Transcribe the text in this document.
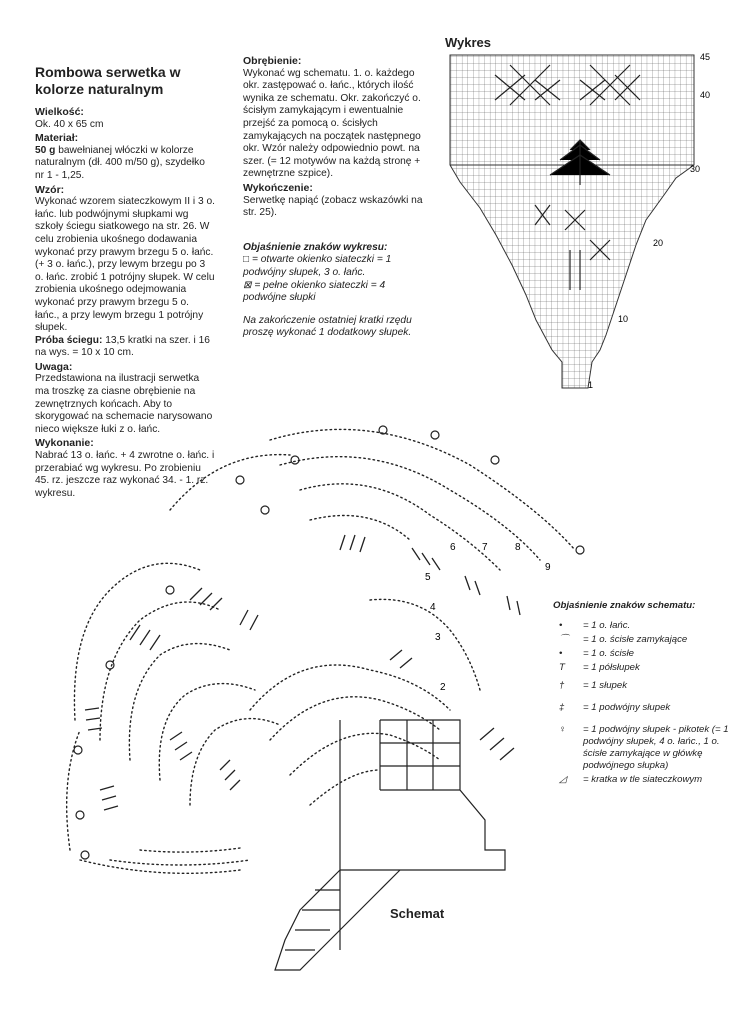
Rombowa serwetka w kolorze naturalnym
Wielkość:

Ok. 40 x 65 cm

Materiał:

50 g bawełnianej włóczki w kolorze naturalnym (dł. 400 m/50 g), szydełko nr 1 - 1,25.

Wzór:

Wykonać wzorem siateczkowym II i 3 o. łańc. lub podwójnymi słupkami wg szkoły ściegu siatkowego na str. 26. W celu zrobienia ukośnego dodawania wykonać przy prawym brzegu 5 o. łańc. (+ 3 o. łańc.), przy lewym brzegu po 3 o. łańc. zrobić 1 potrójny słupek. W celu zrobienia ukośnego odejmowania wykonać przy prawym brzegu 5 o. łańc., a przy lewym brzegu 1 potrójny słupek.

Próba ściegu: 13,5 kratki na szer. i 16 na wys. = 10 x 10 cm.

Uwaga:

Przedstawiona na ilustracji serwetka ma troszkę za ciasne obrębienie na zewnętrznych końcach. Aby to skorygować na schemacie narysowano nieco większe łuki z o. łańc.

Wykonanie:

Nabrać 13 o. łańc. + 4 zwrotne o. łańc. i przerabiać wg wykresu. Po zrobieniu 45. rz. jeszcze raz wykonać 34. - 1. rz. wykresu.

Obrębienie:

Wykonać wg schematu. 1. o. każdego okr. zastępować o. łańc., których ilość wynika ze schematu. Okr. zakończyć o. ścisłym zamykającym i ewentualnie przejść za pomocą o. ścisłych zamykających na początek następnego okr. Wzór należy odpowiednio powt. na szer. (= 12 motywów na każdą stronę + zewnętrzne szpice).

Wykończenie:

Serwetkę napiąć (zobacz wskazówki na str. 25).

Objaśnienie znaków wykresu:

□ = otwarte okienko siateczki = 1 podwójny słupek, 3 o. łańc.

⊠ = pełne okienko siateczki = 4 podwójne słupki

Na zakończenie ostatniej kratki rzędu proszę wykonać 1 dodatkowy słupek.

Wykres
45
40
30
20
10
1
2
3
4
5
6	7	8
9
Schemat
Objaśnienie znaków schematu:
•	= 1 o. łańc.
⌒	= 1 o. ścisłe zamykające
•	= 1 o. ścisłe
T	= 1 półsłupek
†	= 1 słupek
‡	= 1 podwójny słupek
♀	= 1 podwójny słupek - pikotek (= 1 podwójny słupek, 4 o. łańc., 1 o. ścisłe zamykające w główkę podwójnego słupka)
◿	= kratka w tle siateczkowym
